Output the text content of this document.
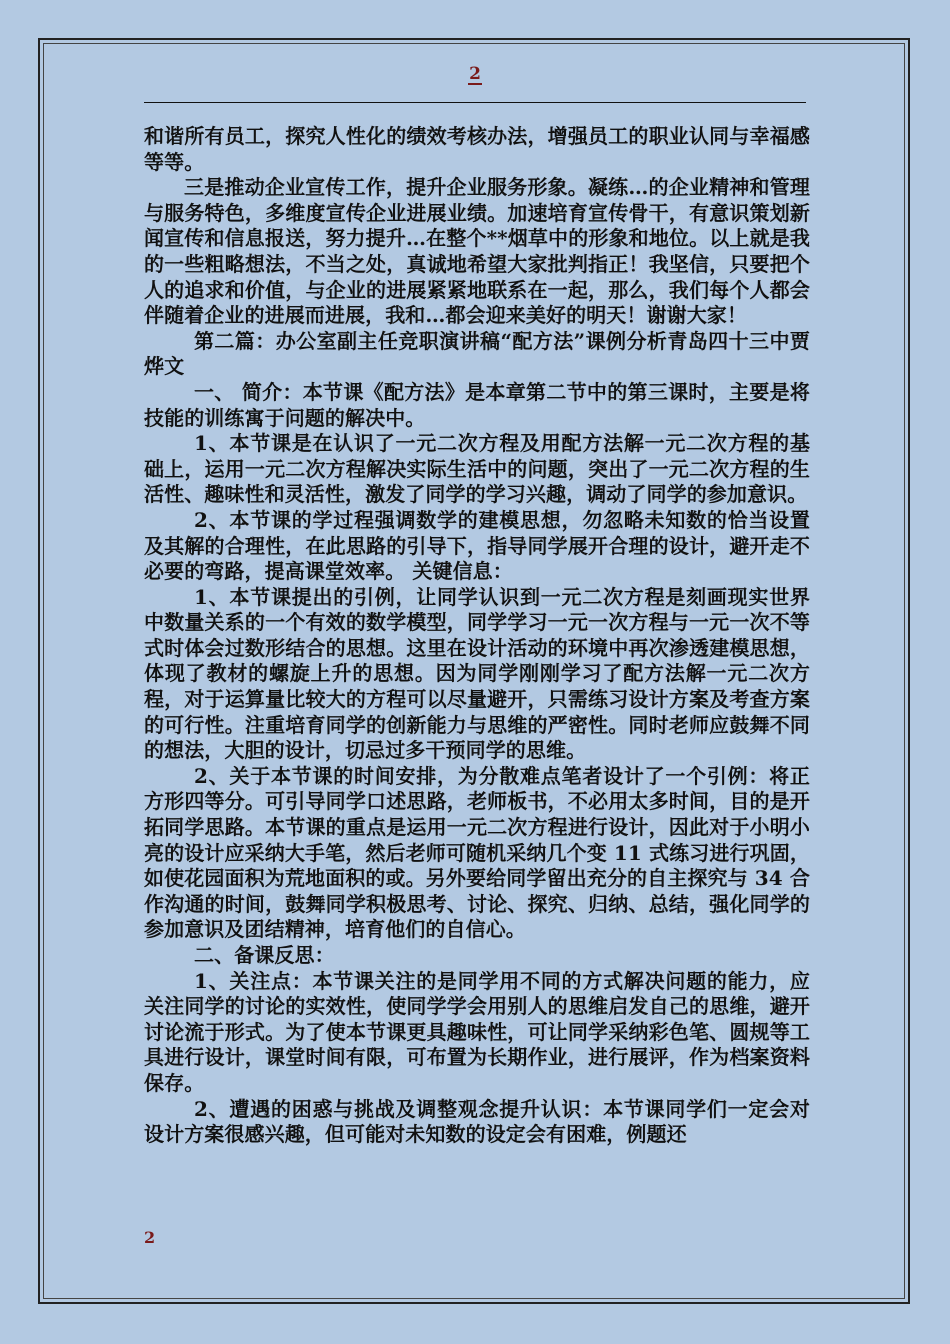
2

和谐所有员工，探究人性化的绩效考核办法，增强员工的职业认同与幸福感等等。

三是推动企业宣传工作，提升企业服务形象。凝练…的企业精神和管理与服务特色，多维度宣传企业进展业绩。加速培育宣传骨干，有意识策划新闻宣传和信息报送，努力提升…在整个**烟草中的形象和地位。以上就是我的一些粗略想法，不当之处，真诚地希望大家批判指正！我坚信，只要把个人的追求和价值，与企业的进展紧紧地联系在一起，那么，我们每个人都会伴随着企业的进展而进展，我和…都会迎来美好的明天！谢谢大家！

第二篇：办公室副主任竞职演讲稿“配方法”课例分析青岛四十三中贾烨文

一、 简介：本节课《配方法》是本章第二节中的第三课时，主要是将技能的训练寓于问题的解决中。

1、本节课是在认识了一元二次方程及用配方法解一元二次方程的基础上，运用一元二次方程解决实际生活中的问题，突出了一元二次方程的生活性、趣味性和灵活性，激发了同学的学习兴趣，调动了同学的参加意识。

2、本节课的学过程强调数学的建模思想，勿忽略未知数的恰当设置及其解的合理性，在此思路的引导下，指导同学展开合理的设计，避开走不必要的弯路，提高课堂效率。 关键信息：

1、本节课提出的引例，让同学认识到一元二次方程是刻画现实世界中数量关系的一个有效的数学模型，同学学习一元一次方程与一元一次不等式时体会过数形结合的思想。这里在设计活动的环境中再次渗透建模思想，体现了教材的螺旋上升的思想。因为同学刚刚学习了配方法解一元二次方程，对于运算量比较大的方程可以尽量避开，只需练习设计方案及考查方案的可行性。注重培育同学的创新能力与思维的严密性。同时老师应鼓舞不同的想法，大胆的设计，切忌过多干预同学的思维。

2、关于本节课的时间安排，为分散难点笔者设计了一个引例：将正方形四等分。可引导同学口述思路，老师板书，不必用太多时间，目的是开拓同学思路。本节课的重点是运用一元二次方程进行设计，因此对于小明小亮的设计应采纳大手笔，然后老师可随机采纳几个变 11 式练习进行巩固，如使花园面积为荒地面积的或。另外要给同学留出充分的自主探究与 34 合作沟通的时间，鼓舞同学积极思考、讨论、探究、归纳、总结，强化同学的参加意识及团结精神，培育他们的自信心。

二、备课反思：

1、关注点：本节课关注的是同学用不同的方式解决问题的能力，应关注同学的讨论的实效性，使同学学会用别人的思维启发自己的思维，避开讨论流于形式。为了使本节课更具趣味性，可让同学采纳彩色笔、圆规等工具进行设计，课堂时间有限，可布置为长期作业，进行展评，作为档案资料保存。

2、遭遇的困惑与挑战及调整观念提升认识：本节课同学们一定会对设计方案很感兴趣，但可能对未知数的设定会有困难，例题还

2
